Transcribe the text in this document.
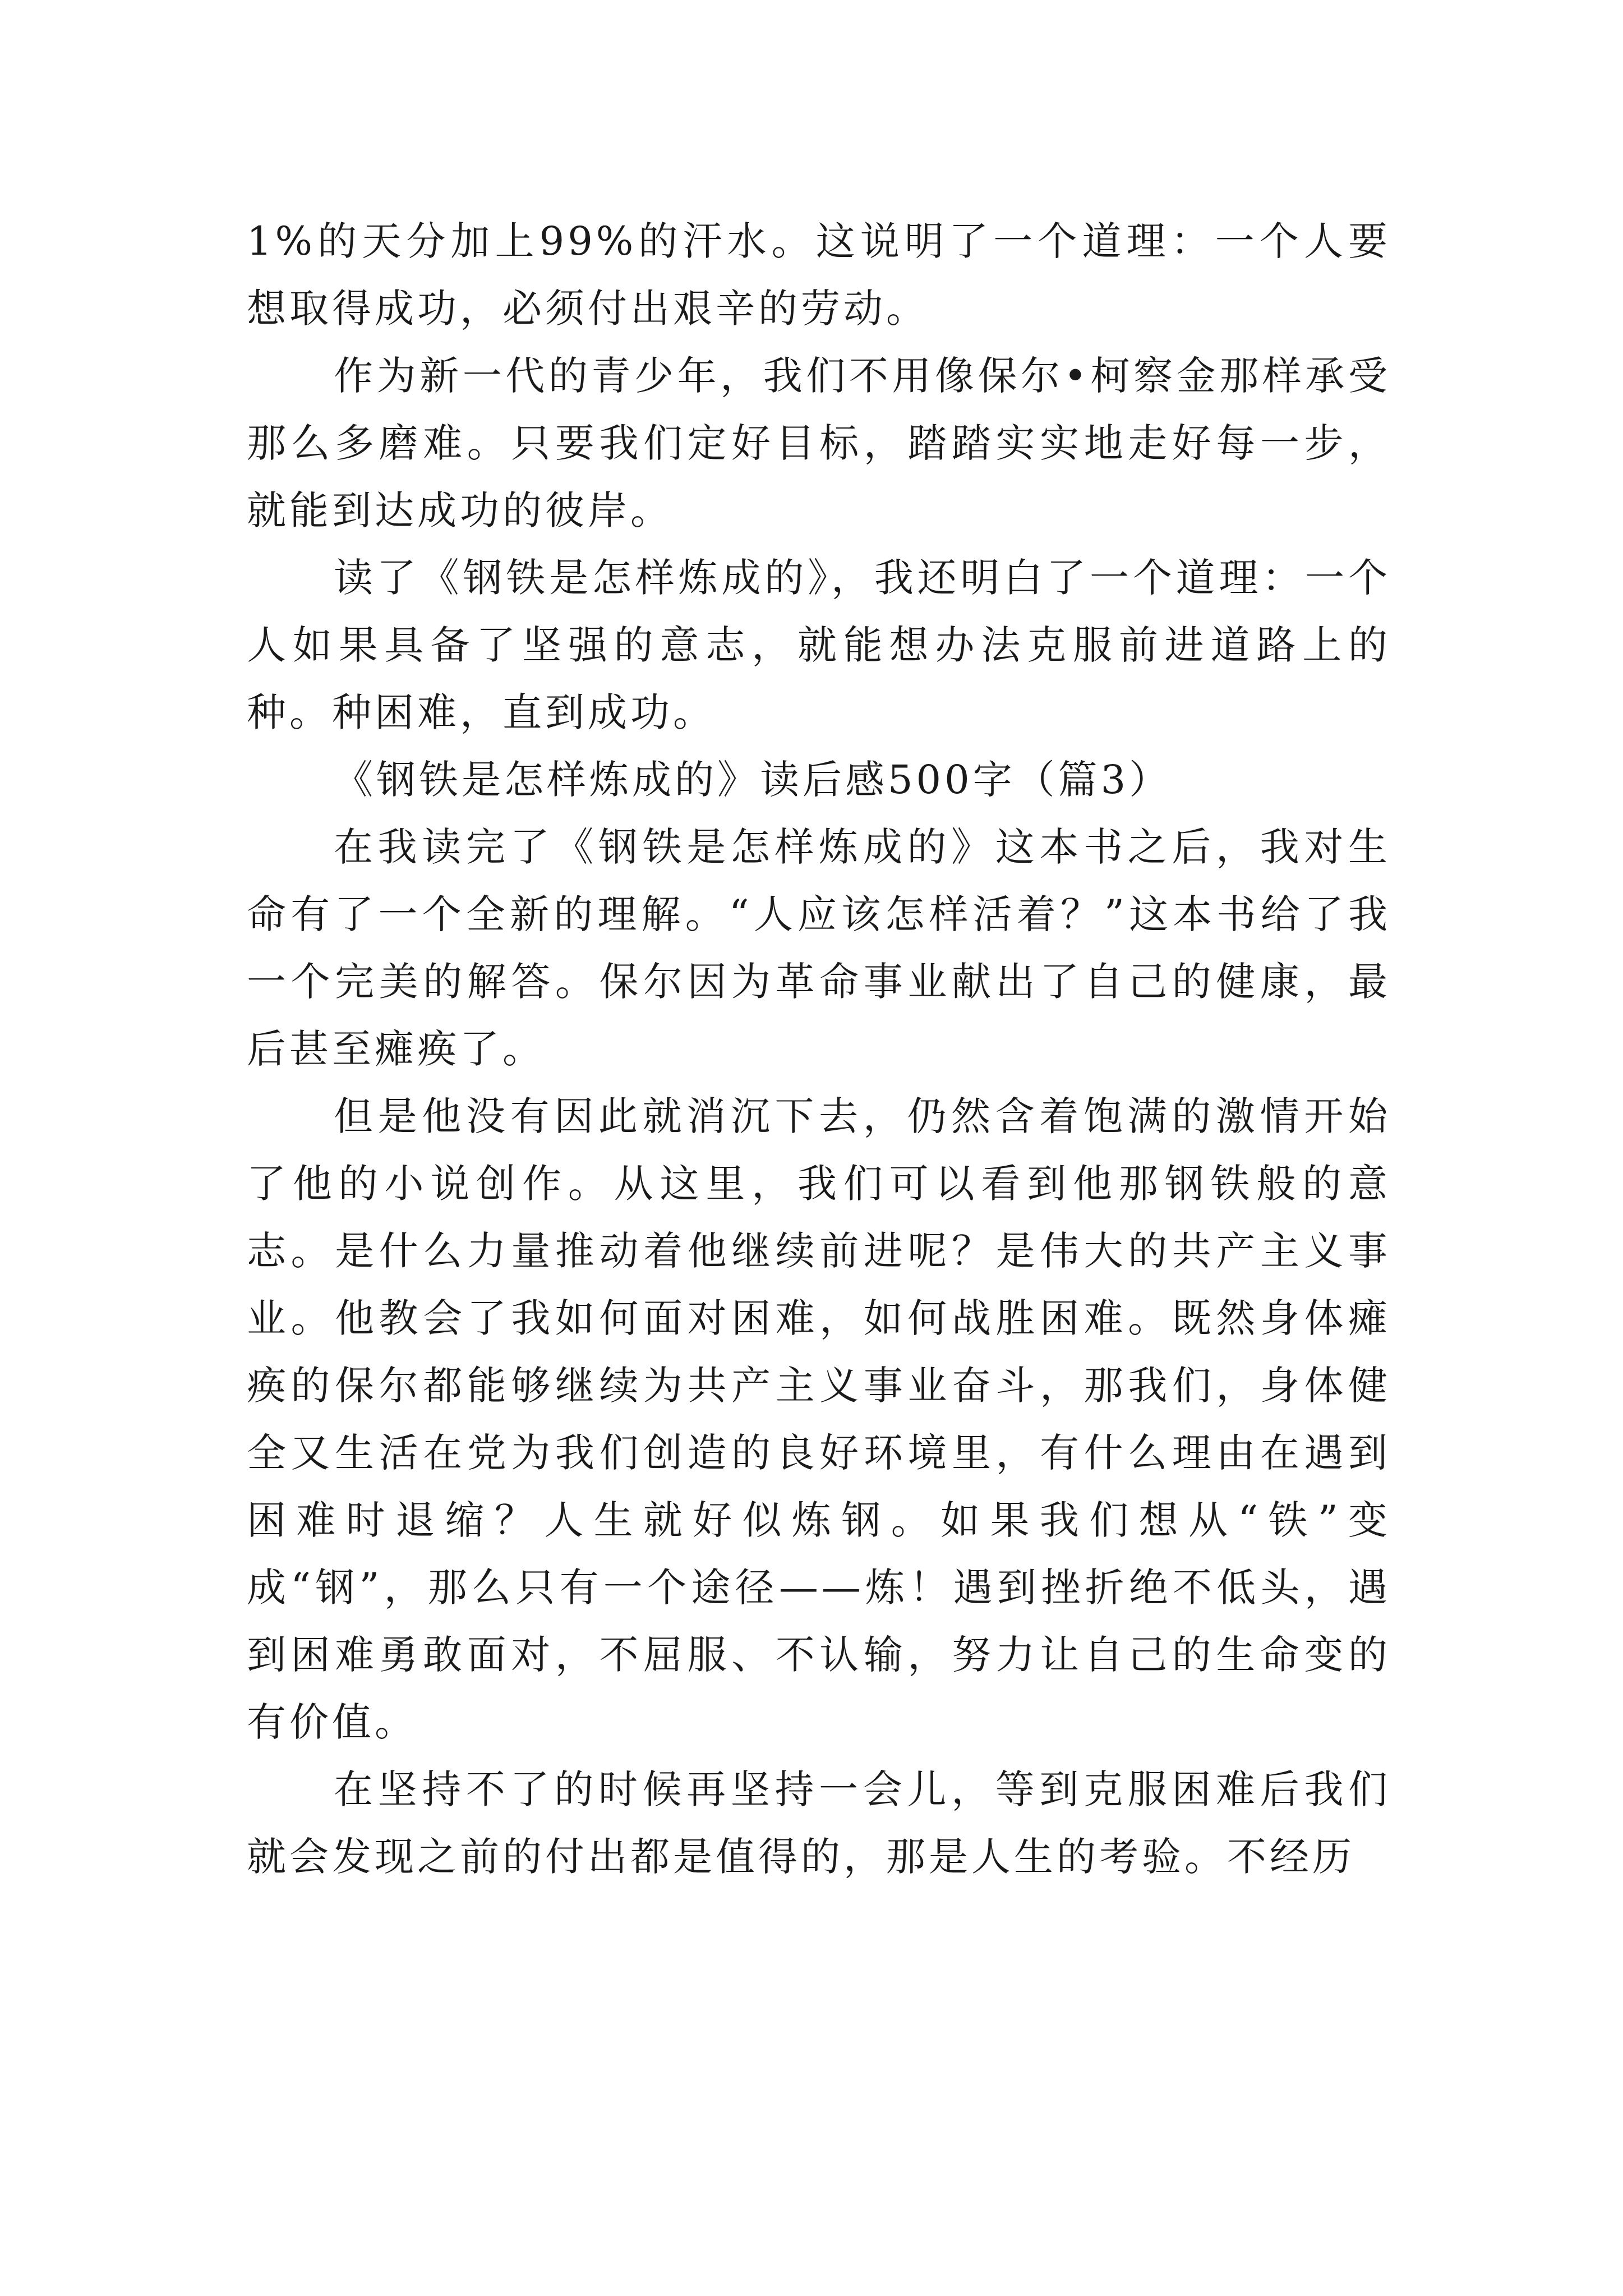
1%的天分加上99%的汗水。这说明了一个道理：一个人要想取得成功，必须付出艰辛的劳动。

作为新一代的青少年，我们不用像保尔•柯察金那样承受那么多磨难。只要我们定好目标，踏踏实实地走好每一步，就能到达成功的彼岸。

读了《钢铁是怎样炼成的》，我还明白了一个道理：一个人如果具备了坚强的意志，就能想办法克服前进道路上的种。种困难，直到成功。

《钢铁是怎样炼成的》读后感500字（篇3）

在我读完了《钢铁是怎样炼成的》这本书之后，我对生命有了一个全新的理解。“人应该怎样活着？”这本书给了我一个完美的解答。保尔因为革命事业献出了自己的健康，最后甚至瘫痪了。

但是他没有因此就消沉下去，仍然含着饱满的激情开始了他的小说创作。从这里，我们可以看到他那钢铁般的意志。是什么力量推动着他继续前进呢？是伟大的共产主义事业。他教会了我如何面对困难，如何战胜困难。既然身体瘫痪的保尔都能够继续为共产主义事业奋斗，那我们，身体健全又生活在党为我们创造的良好环境里，有什么理由在遇到困难时退缩？人生就好似炼钢。如果我们想从“铁”变成“钢”，那么只有一个途径——炼！遇到挫折绝不低头，遇到困难勇敢面对，不屈服、不认输，努力让自己的生命变的有价值。

在坚持不了的时候再坚持一会儿，等到克服困难后我们就会发现之前的付出都是值得的，那是人生的考验。不经历
